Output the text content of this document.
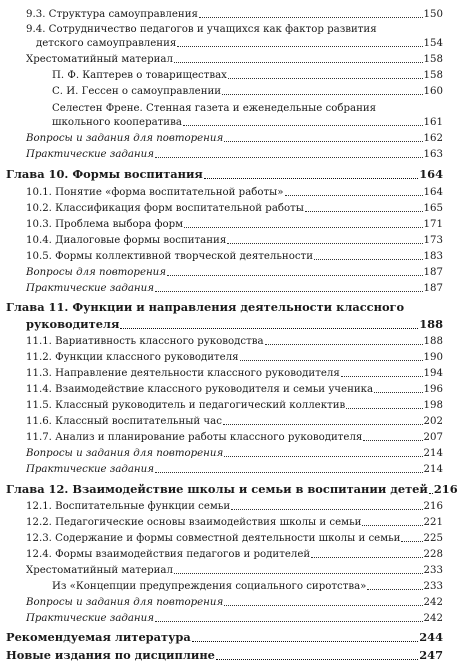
9.3. Структура самоуправления	150
9.4. Сотрудничество педагогов и учащихся как фактор развития
детского самоуправления	154
Хрестоматийный материал	158
П. Ф. Каптерев о товариществах	158
С. И. Гессен о самоуправлении	160
Селестен Френе. Стенная газета и еженедельные собрания
школьного кооператива	161
Вопросы и задания для повторения	162
Практические задания	163
Глава 10. Формы воспитания	164
10.1. Понятие «форма воспитательной работы»	164
10.2. Классификация форм воспитательной работы	165
10.3. Проблема выбора форм	171
10.4. Диалоговые формы воспитания	173
10.5. Формы коллективной творческой деятельности	183
Вопросы для повторения	187
Практические задания	187
Глава 11. Функции и направления деятельности классного
руководителя	188
11.1. Вариативность классного руководства	188
11.2. Функции классного руководителя	190
11.3. Направление деятельности классного руководителя	194
11.4. Взаимодействие классного руководителя и семьи ученика	196
11.5. Классный руководитель и педагогический коллектив	198
11.6. Классный воспитательный час	202
11.7. Анализ и планирование работы классного руководителя	207
Вопросы и задания для повторения	214
Практические задания	214
Глава 12. Взаимодействие школы и семьи в воспитании детей 216
12.1. Воспитательные функции семьи	216
12.2. Педагогические основы взаимодействия школы и семьи	221
12.3. Содержание и формы совместной деятельности школы и семьи 225
12.4. Формы взаимодействия педагогов и родителей	228
Хрестоматийный материал	233
Из «Концепции предупреждения социального сиротства»	233
Вопросы и задания для повторения	242
Практические задания	242
Рекомендуемая литература	244
Новые издания по дисциплине	247
